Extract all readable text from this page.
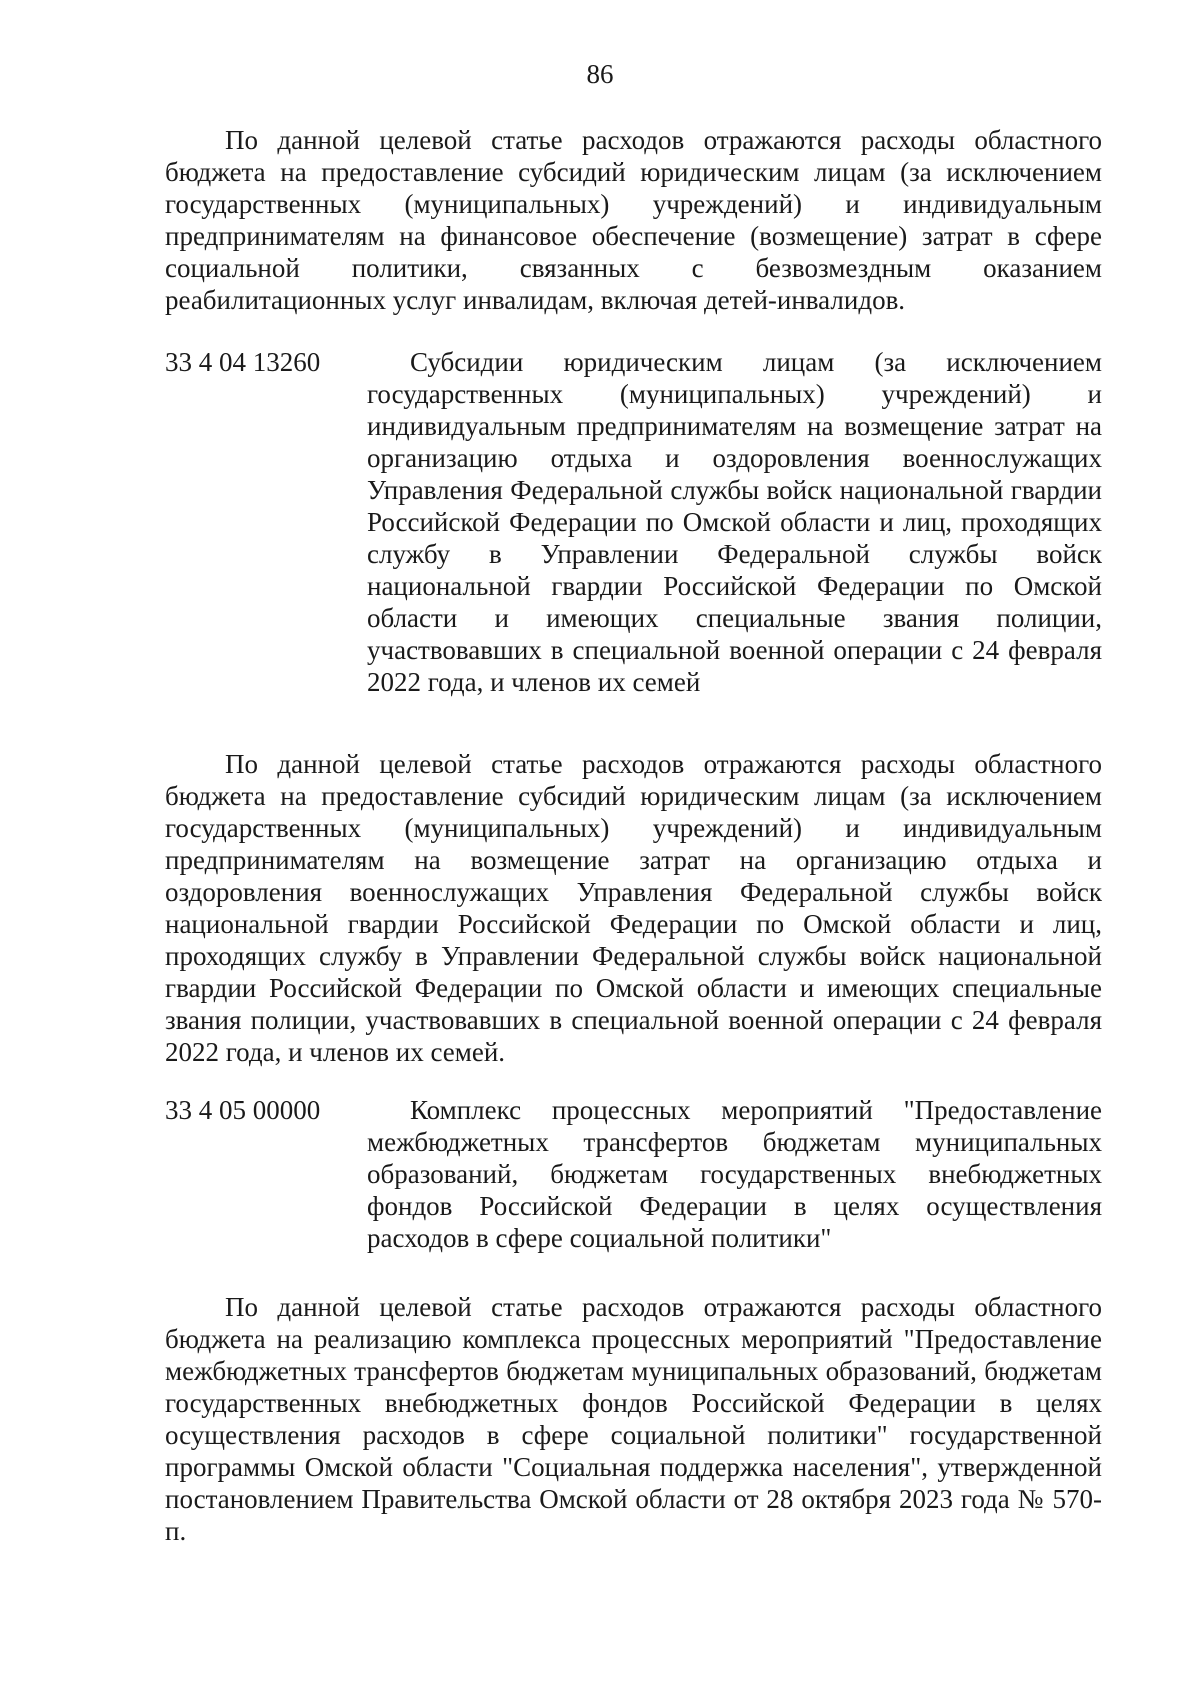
86

По данной целевой статье расходов отражаются расходы областного бюджета на предоставление субсидий юридическим лицам (за исключением государственных (муниципальных) учреждений) и индивидуальным предпринимателям на финансовое обеспечение (возмещение) затрат в сфере социальной политики, связанных с безвозмездным оказанием реабилитационных услуг инвалидам, включая детей-инвалидов.

33 4 04 13260	Субсидии юридическим лицам (за исключением государственных (муниципальных) учреждений) и индивидуальным предпринимателям на возмещение затрат на организацию отдыха и оздоровления военнослужащих Управления Федеральной службы войск национальной гвардии Российской Федерации по Омской области и лиц, проходящих службу в Управлении Федеральной службы войск национальной гвардии Российской Федерации по Омской области и имеющих специальные звания полиции, участвовавших в специальной военной операции с 24 февраля 2022 года, и членов их семей

По данной целевой статье расходов отражаются расходы областного бюджета на предоставление субсидий юридическим лицам (за исключением государственных (муниципальных) учреждений) и индивидуальным предпринимателям на возмещение затрат на организацию отдыха и оздоровления военнослужащих Управления Федеральной службы войск национальной гвардии Российской Федерации по Омской области и лиц, проходящих службу в Управлении Федеральной службы войск национальной гвардии Российской Федерации по Омской области и имеющих специальные звания полиции, участвовавших в специальной военной операции с 24 февраля 2022 года, и членов их семей.

33 4 05 00000	Комплекс процессных мероприятий "Предоставление межбюджетных трансфертов бюджетам муниципальных образований, бюджетам государственных внебюджетных фондов Российской Федерации в целях осуществления расходов в сфере социальной политики"

По данной целевой статье расходов отражаются расходы областного бюджета на реализацию комплекса процессных мероприятий "Предоставление межбюджетных трансфертов бюджетам муниципальных образований, бюджетам государственных внебюджетных фондов Российской Федерации в целях осуществления расходов в сфере социальной политики" государственной программы Омской области "Социальная поддержка населения", утвержденной постановлением Правительства Омской области от 28 октября 2023 года № 570-п.
